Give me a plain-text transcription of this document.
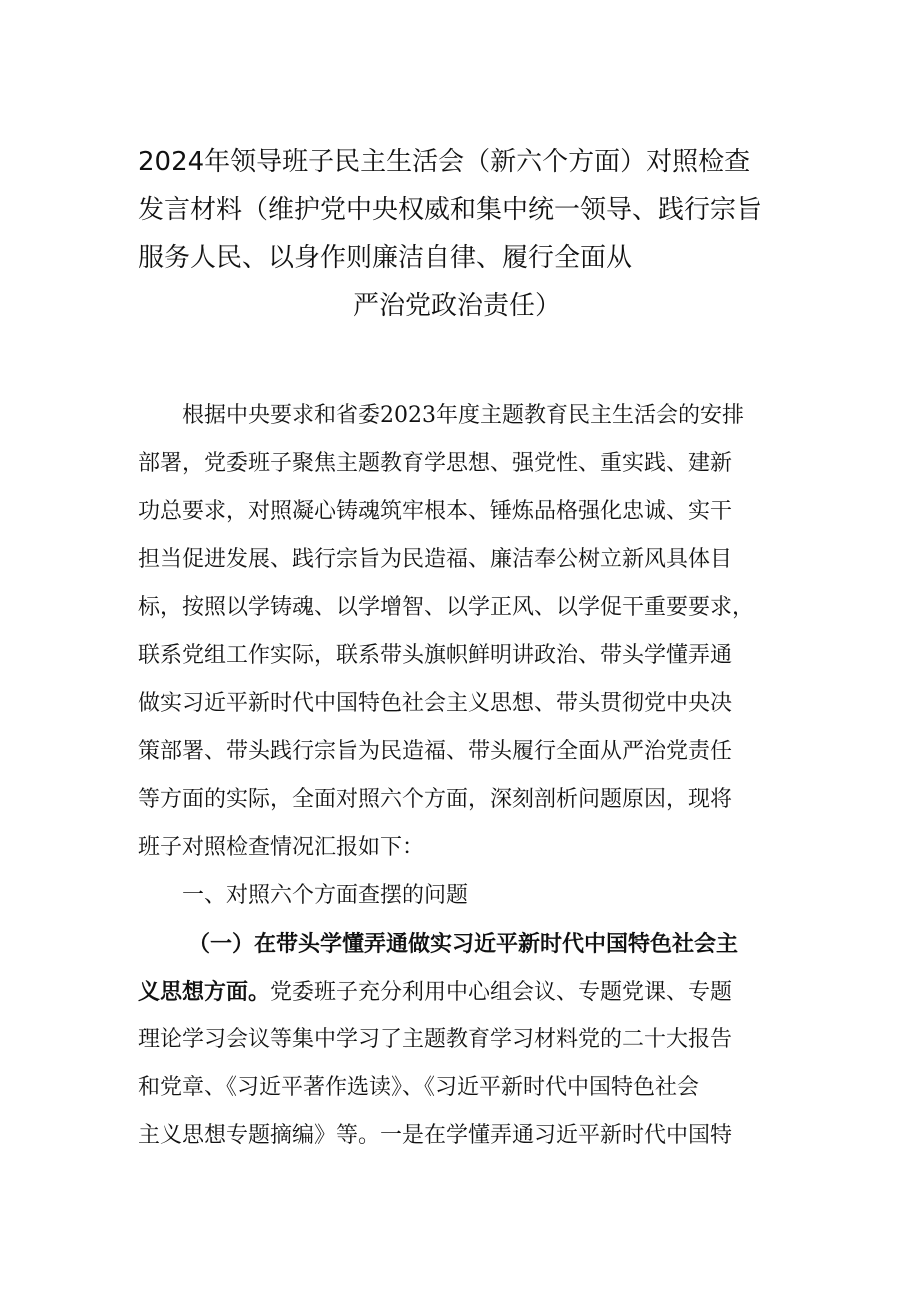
2024年领导班子民主生活会（新六个方面）对照检查
发言材料（维护党中央权威和集中统一领导、践行宗旨
服务人民、以身作则廉洁自律、履行全面从
严治党政治责任）
根据中央要求和省委2023年度主题教育民主生活会的安排
部署，党委班子聚焦主题教育学思想、强党性、重实践、建新
功总要求，对照凝心铸魂筑牢根本、锤炼品格强化忠诚、实干
担当促进发展、践行宗旨为民造福、廉洁奉公树立新风具体目
标，按照以学铸魂、以学增智、以学正风、以学促干重要要求，
联系党组工作实际，联系带头旗帜鲜明讲政治、带头学懂弄通
做实习近平新时代中国特色社会主义思想、带头贯彻党中央决
策部署、带头践行宗旨为民造福、带头履行全面从严治党责任
等方面的实际，全面对照六个方面，深刻剖析问题原因，现将
班子对照检查情况汇报如下：
一、对照六个方面查摆的问题
（一）在带头学懂弄通做实习近平新时代中国特色社会主
义思想方面。党委班子充分利用中心组会议、专题党课、专题
理论学习会议等集中学习了主题教育学习材料党的二十大报告
和党章、《习近平著作选读》、《习近平新时代中国特色社会
主义思想专题摘编》等。一是在学懂弄通习近平新时代中国特
